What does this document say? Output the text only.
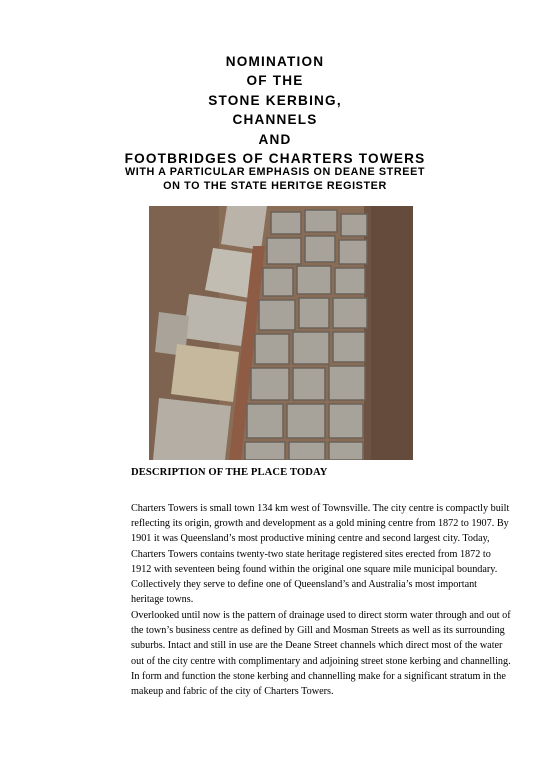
NOMINATION
OF THE
STONE KERBING,
CHANNELS
AND
FOOTBRIDGES OF CHARTERS TOWERS
WITH A PARTICULAR EMPHASIS ON DEANE STREET
ON TO THE STATE HERITGE REGISTER
DESCRIPTION OF THE PLACE TODAY
Charters Towers is small town 134 km west of Townsville. The city centre is compactly built
reflecting its origin, growth and development as a gold mining centre from 1872 to 1907. By
1901 it was Queensland’s most productive mining centre and second largest city. Today,
Charters Towers contains twenty-two state heritage registered sites erected from 1872 to
1912 with seventeen being found within the original one square mile municipal boundary.
Collectively they serve to define one of Queensland’s and Australia’s most important
heritage towns.
Overlooked until now is the pattern of drainage used to direct storm water through and out of
the town’s business centre as defined by Gill and Mosman Streets as well as its surrounding
suburbs. Intact and still in use are the Deane Street channels which direct most of the water
out of the city centre with complimentary and adjoining street stone kerbing and channelling.
In form and function the stone kerbing and channelling make for a significant stratum in the
makeup and fabric of the city of Charters Towers.
